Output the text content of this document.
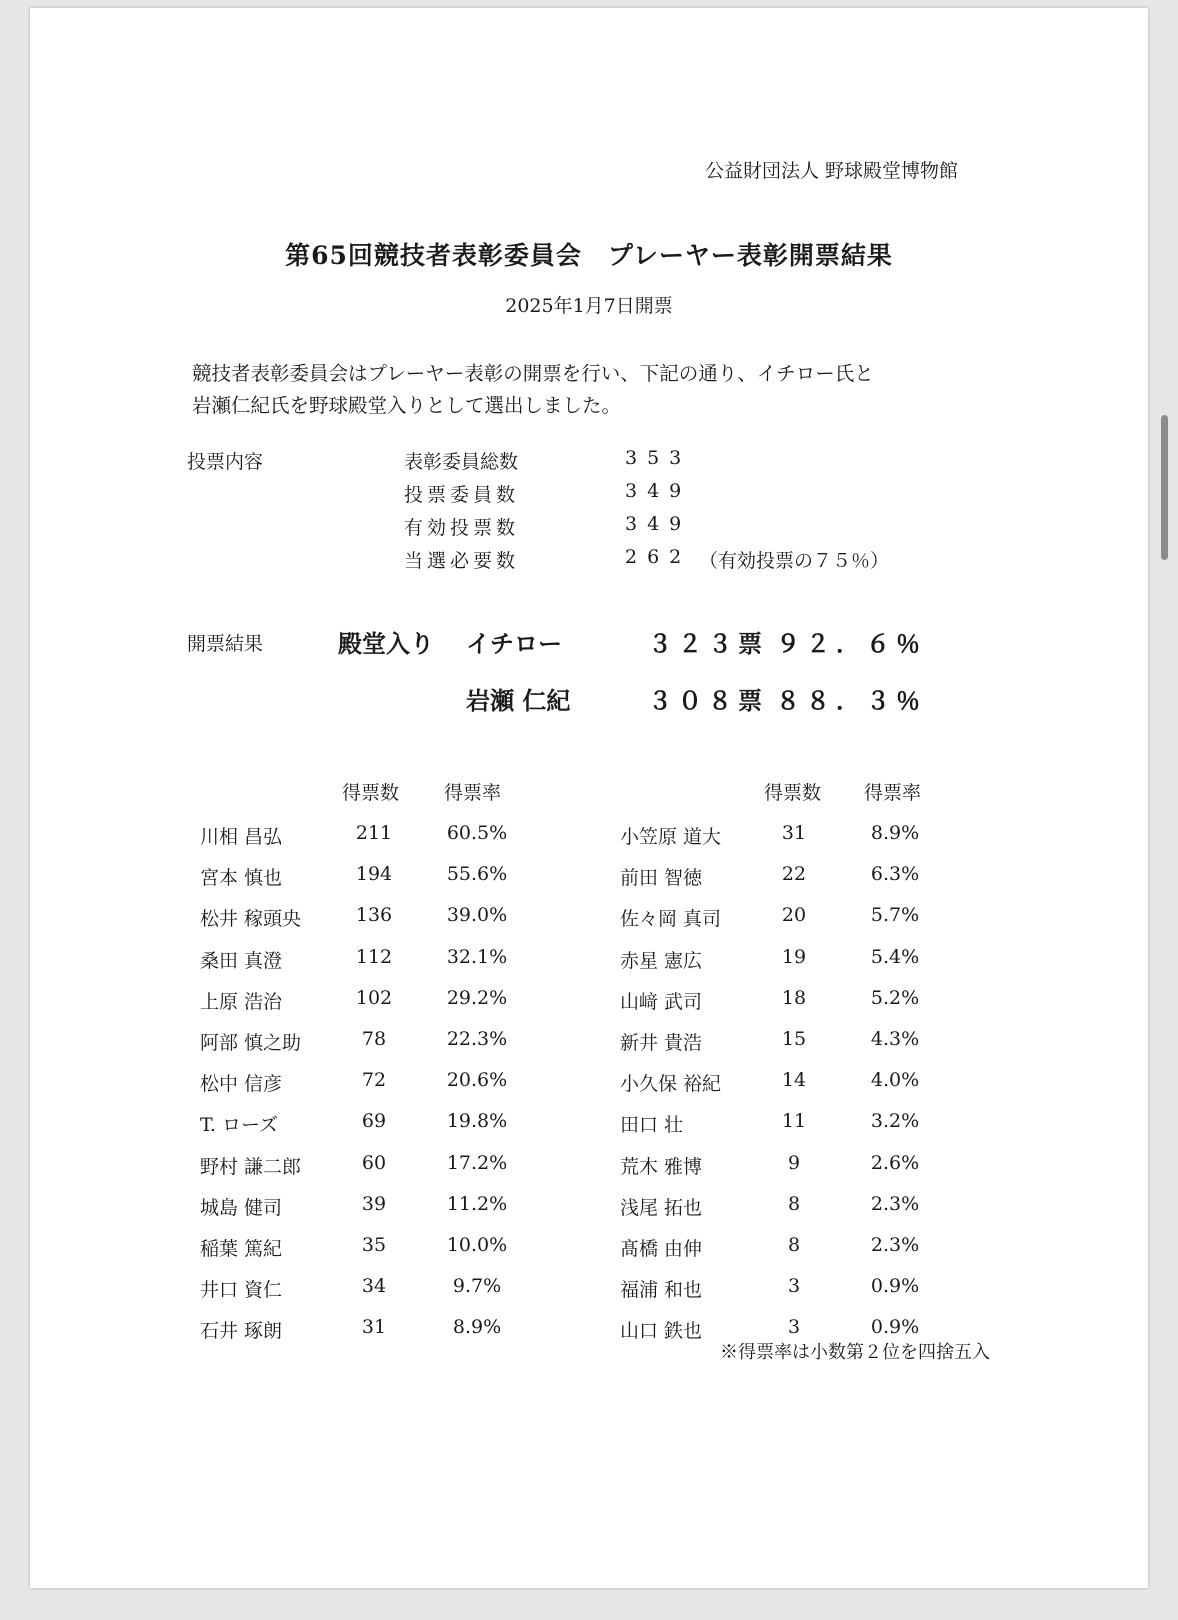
公益財団法人 野球殿堂博物館
第65回競技者表彰委員会　プレーヤー表彰開票結果
2025年1月7日開票
競技者表彰委員会はプレーヤー表彰の開票を行い、下記の通り、イチロー氏と
岩瀬仁紀氏を野球殿堂入りとして選出しました。
投票内容	表彰委員総数	353
投票委員数	349
有効投票数	349
当選必要数	262 （有効投票の７５％）
開票結果	殿堂入り イチロー	３２３票 ９２．６％
岩瀬 仁紀	３０８票 ８８．３％
得票数 得票率	得票数 得票率
川相 昌弘	211	60.5%
宮本 慎也	194	55.6%
松井 稼頭央	136	39.0%
桑田 真澄	112	32.1%
上原 浩治	102	29.2%
阿部 慎之助	78	22.3%
松中 信彦	72	20.6%
T. ローズ	69	19.8%
野村 謙二郎	60	17.2%
城島 健司	39	11.2%
稲葉 篤紀	35	10.0%
井口 資仁	34	9.7%
石井 琢朗	31	8.9%
小笠原 道大	31	8.9%
前田 智徳	22	6.3%
佐々岡 真司	20	5.7%
赤星 憲広	19	5.4%
山﨑 武司	18	5.2%
新井 貴浩	15	4.3%
小久保 裕紀	14	4.0%
田口 壮	11	3.2%
荒木 雅博	9	2.6%
浅尾 拓也	8	2.3%
髙橋 由伸	8	2.3%
福浦 和也	3	0.9%
山口 鉄也	3	0.9%
※得票率は小数第２位を四捨五入
